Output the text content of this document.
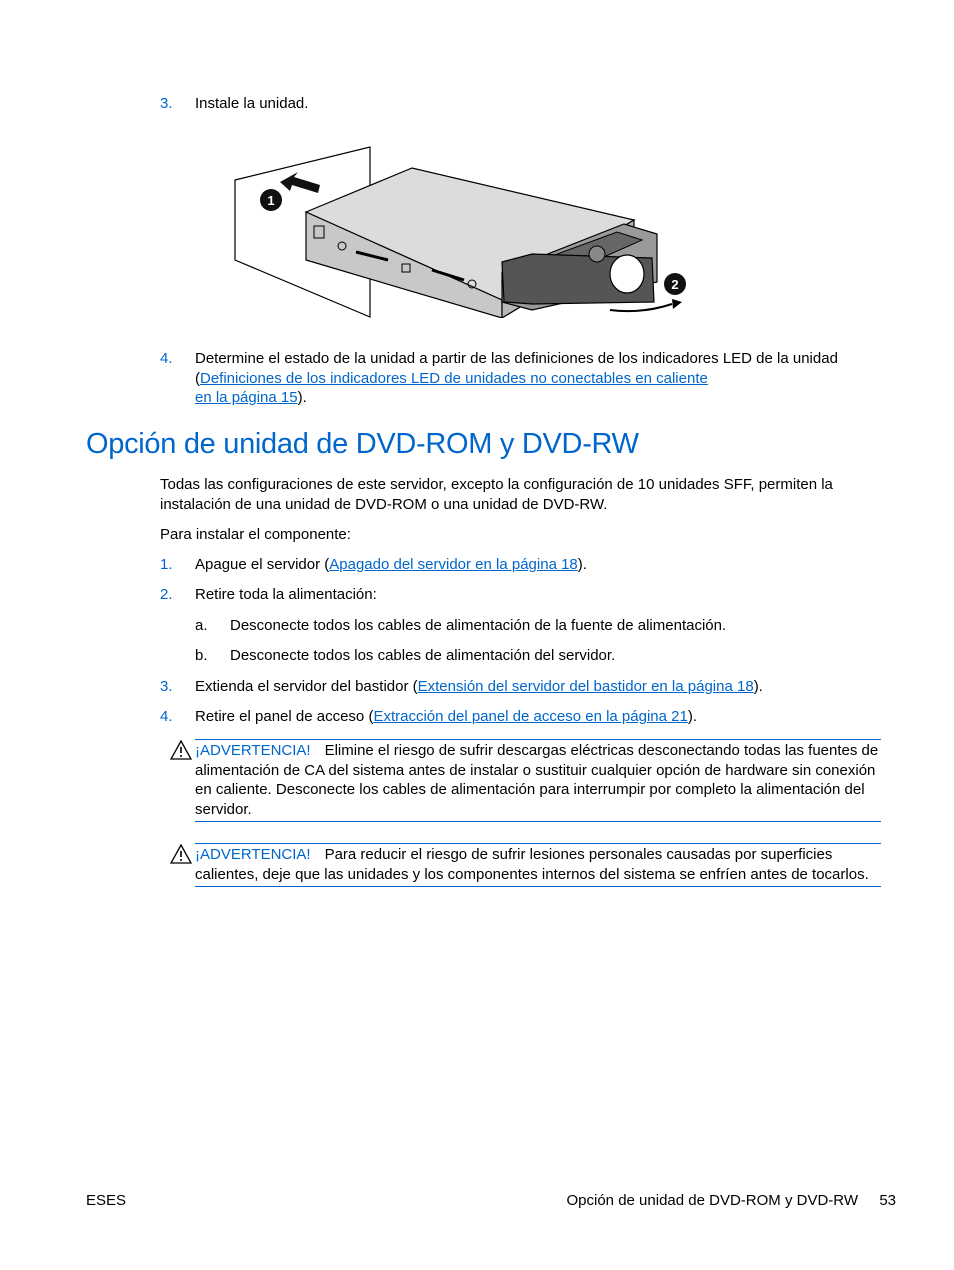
3. Instale la unidad.
1
2
4. Determine el estado de la unidad a partir de las definiciones de los indicadores LED de la unidad (Definiciones de los indicadores LED de unidades no conectables en caliente
en la página 15).
Opción de unidad de DVD-ROM y DVD-RW
Todas las configuraciones de este servidor, excepto la configuración de 10 unidades SFF, permiten la instalación de una unidad de DVD-ROM o una unidad de DVD-RW.
Para instalar el componente:
1. Apague el servidor (Apagado del servidor en la página 18).
2. Retire toda la alimentación:
a. Desconecte todos los cables de alimentación de la fuente de alimentación.
b. Desconecte todos los cables de alimentación del servidor.
3. Extienda el servidor del bastidor (Extensión del servidor del bastidor en la página 18).
4. Retire el panel de acceso (Extracción del panel de acceso en la página 21).
¡ADVERTENCIA! Elimine el riesgo de sufrir descargas eléctricas desconectando todas las fuentes de alimentación de CA del sistema antes de instalar o sustituir cualquier opción de hardware sin conexión en caliente. Desconecte los cables de alimentación para interrumpir por completo la alimentación del servidor.
¡ADVERTENCIA! Para reducir el riesgo de sufrir lesiones personales causadas por superficies calientes, deje que las unidades y los componentes internos del sistema se enfríen antes de tocarlos.
ESES	Opción de unidad de DVD-ROM y DVD-RW 53
